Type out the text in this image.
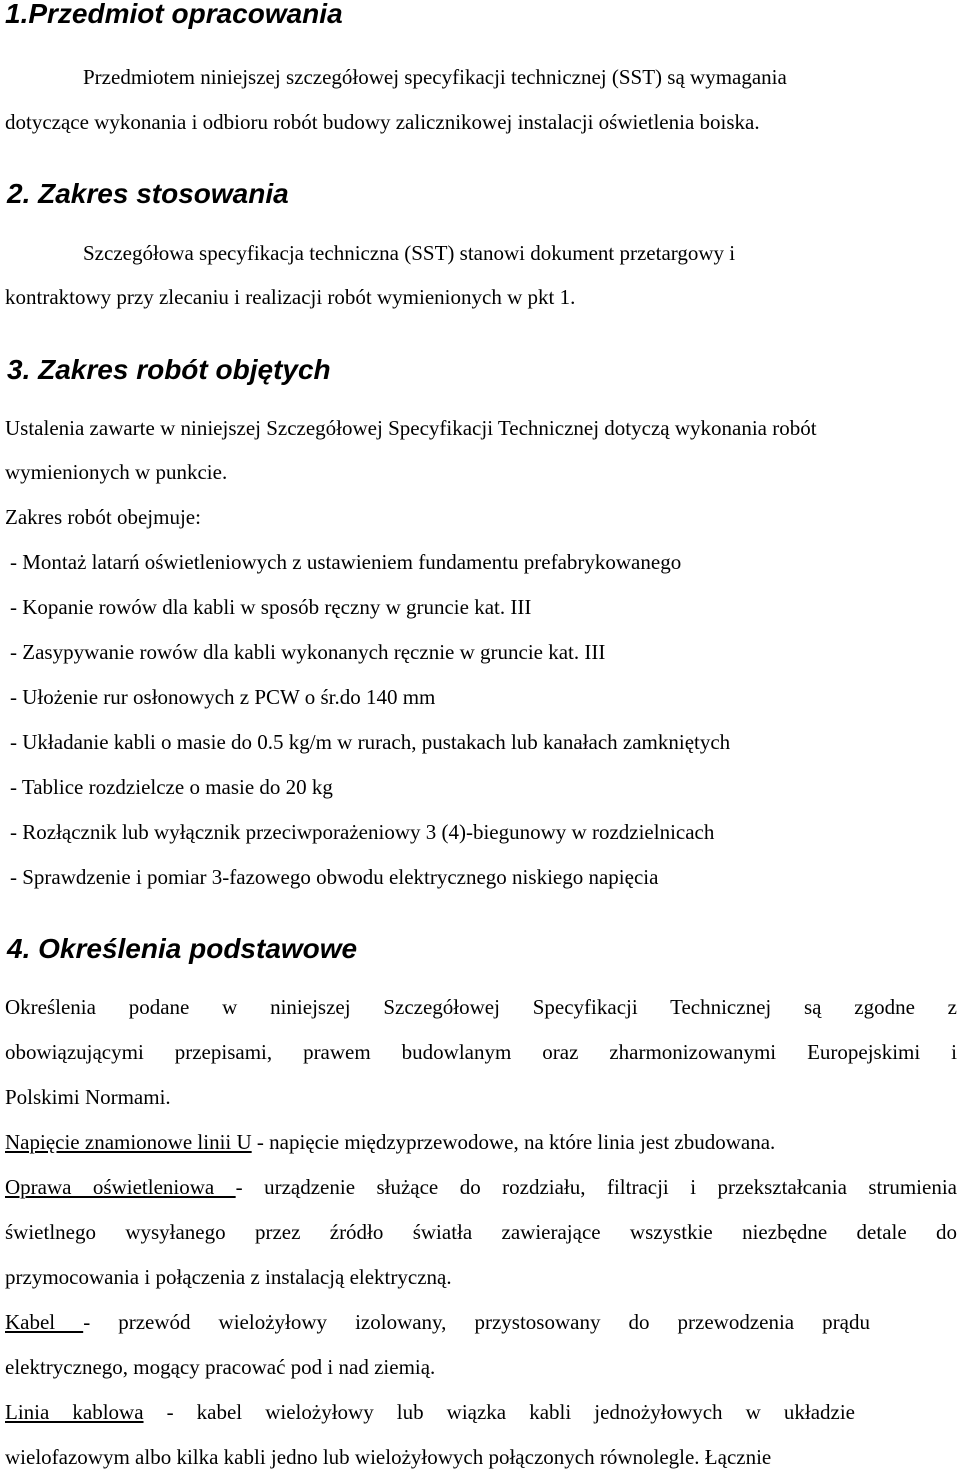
1.Przedmiot opracowania
Przedmiotem niniejszej szczegółowej specyfikacji technicznej (SST) są wymagania
dotyczące wykonania i odbioru robót budowy zalicznikowej instalacji oświetlenia boiska.
2. Zakres stosowania
Szczegółowa specyfikacja techniczna (SST) stanowi dokument przetargowy i
kontraktowy przy zlecaniu i realizacji robót wymienionych w pkt 1.
3. Zakres robót objętych
Ustalenia zawarte w niniejszej Szczegółowej Specyfikacji Technicznej dotyczą wykonania robót
wymienionych w punkcie.
Zakres robót obejmuje:
- Montaż latarń oświetleniowych z ustawieniem fundamentu prefabrykowanego
- Kopanie rowów dla kabli w sposób ręczny w gruncie kat. III
- Zasypywanie rowów dla kabli wykonanych ręcznie w gruncie kat. III
- Ułożenie rur osłonowych z PCW o śr.do 140 mm
- Układanie kabli o masie do 0.5 kg/m w rurach, pustakach lub kanałach zamkniętych
- Tablice rozdzielcze o masie do 20 kg
- Rozłącznik lub wyłącznik przeciwporażeniowy 3 (4)-biegunowy w rozdzielnicach
- Sprawdzenie i pomiar 3-fazowego obwodu elektrycznego niskiego napięcia
4. Określenia podstawowe
Określenia podane w niniejszej Szczegółowej Specyfikacji Technicznej są zgodne z
obowiązującymi przepisami, prawem budowlanym oraz zharmonizowanymi Europejskimi i
Polskimi Normami.
Napięcie znamionowe linii U - napięcie międzyprzewodowe, na które linia jest zbudowana.
Oprawa oświetleniowa - urządzenie służące do rozdziału, filtracji i przekształcania strumienia
świetlnego wysyłanego przez źródło światła zawierające wszystkie niezbędne detale do
przymocowania i połączenia z instalacją elektryczną.
Kabel - przewód wielożyłowy izolowany, przystosowany do przewodzenia prądu
elektrycznego, mogący pracować pod i nad ziemią.
Linia kablowa - kabel wielożyłowy lub wiązka kabli jednożyłowych w układzie
wielofazowym albo kilka kabli jedno lub wielożyłowych połączonych równolegle. Łącznie
